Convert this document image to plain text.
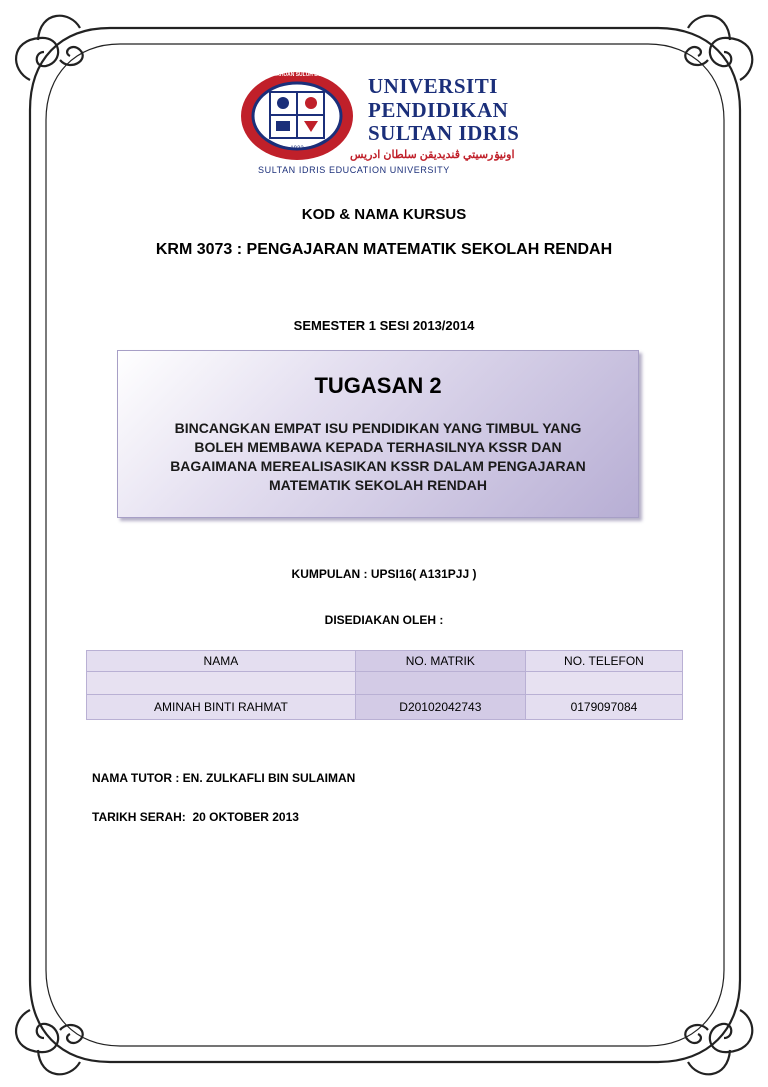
PENGETAHUAN SULUH BUDIMAN
1922
UNIVERSITI
PENDIDIKAN
SULTAN IDRIS
اونيۏرسيتي ڤنديديقن سلطان ادريس
SULTAN IDRIS EDUCATION UNIVERSITY
KOD & NAMA KURSUS
KRM 3073 : PENGAJARAN MATEMATIK SEKOLAH RENDAH
SEMESTER 1 SESI 2013/2014
TUGASAN 2
BINCANGKAN EMPAT ISU PENDIDIKAN YANG TIMBUL YANG
BOLEH MEMBAWA KEPADA TERHASILNYA KSSR DAN
BAGAIMANA MEREALISASIKAN KSSR DALAM PENGAJARAN
MATEMATIK SEKOLAH RENDAH
KUMPULAN : UPSI16( A131PJJ )
DISEDIAKAN OLEH :
NAMA	NO. MATRIK	NO. TELEFON

AMINAH BINTI RAHMAT	D20102042743	0179097084
NAMA TUTOR : EN. ZULKAFLI BIN SULAIMAN
TARIKH SERAH:  20 OKTOBER 2013
